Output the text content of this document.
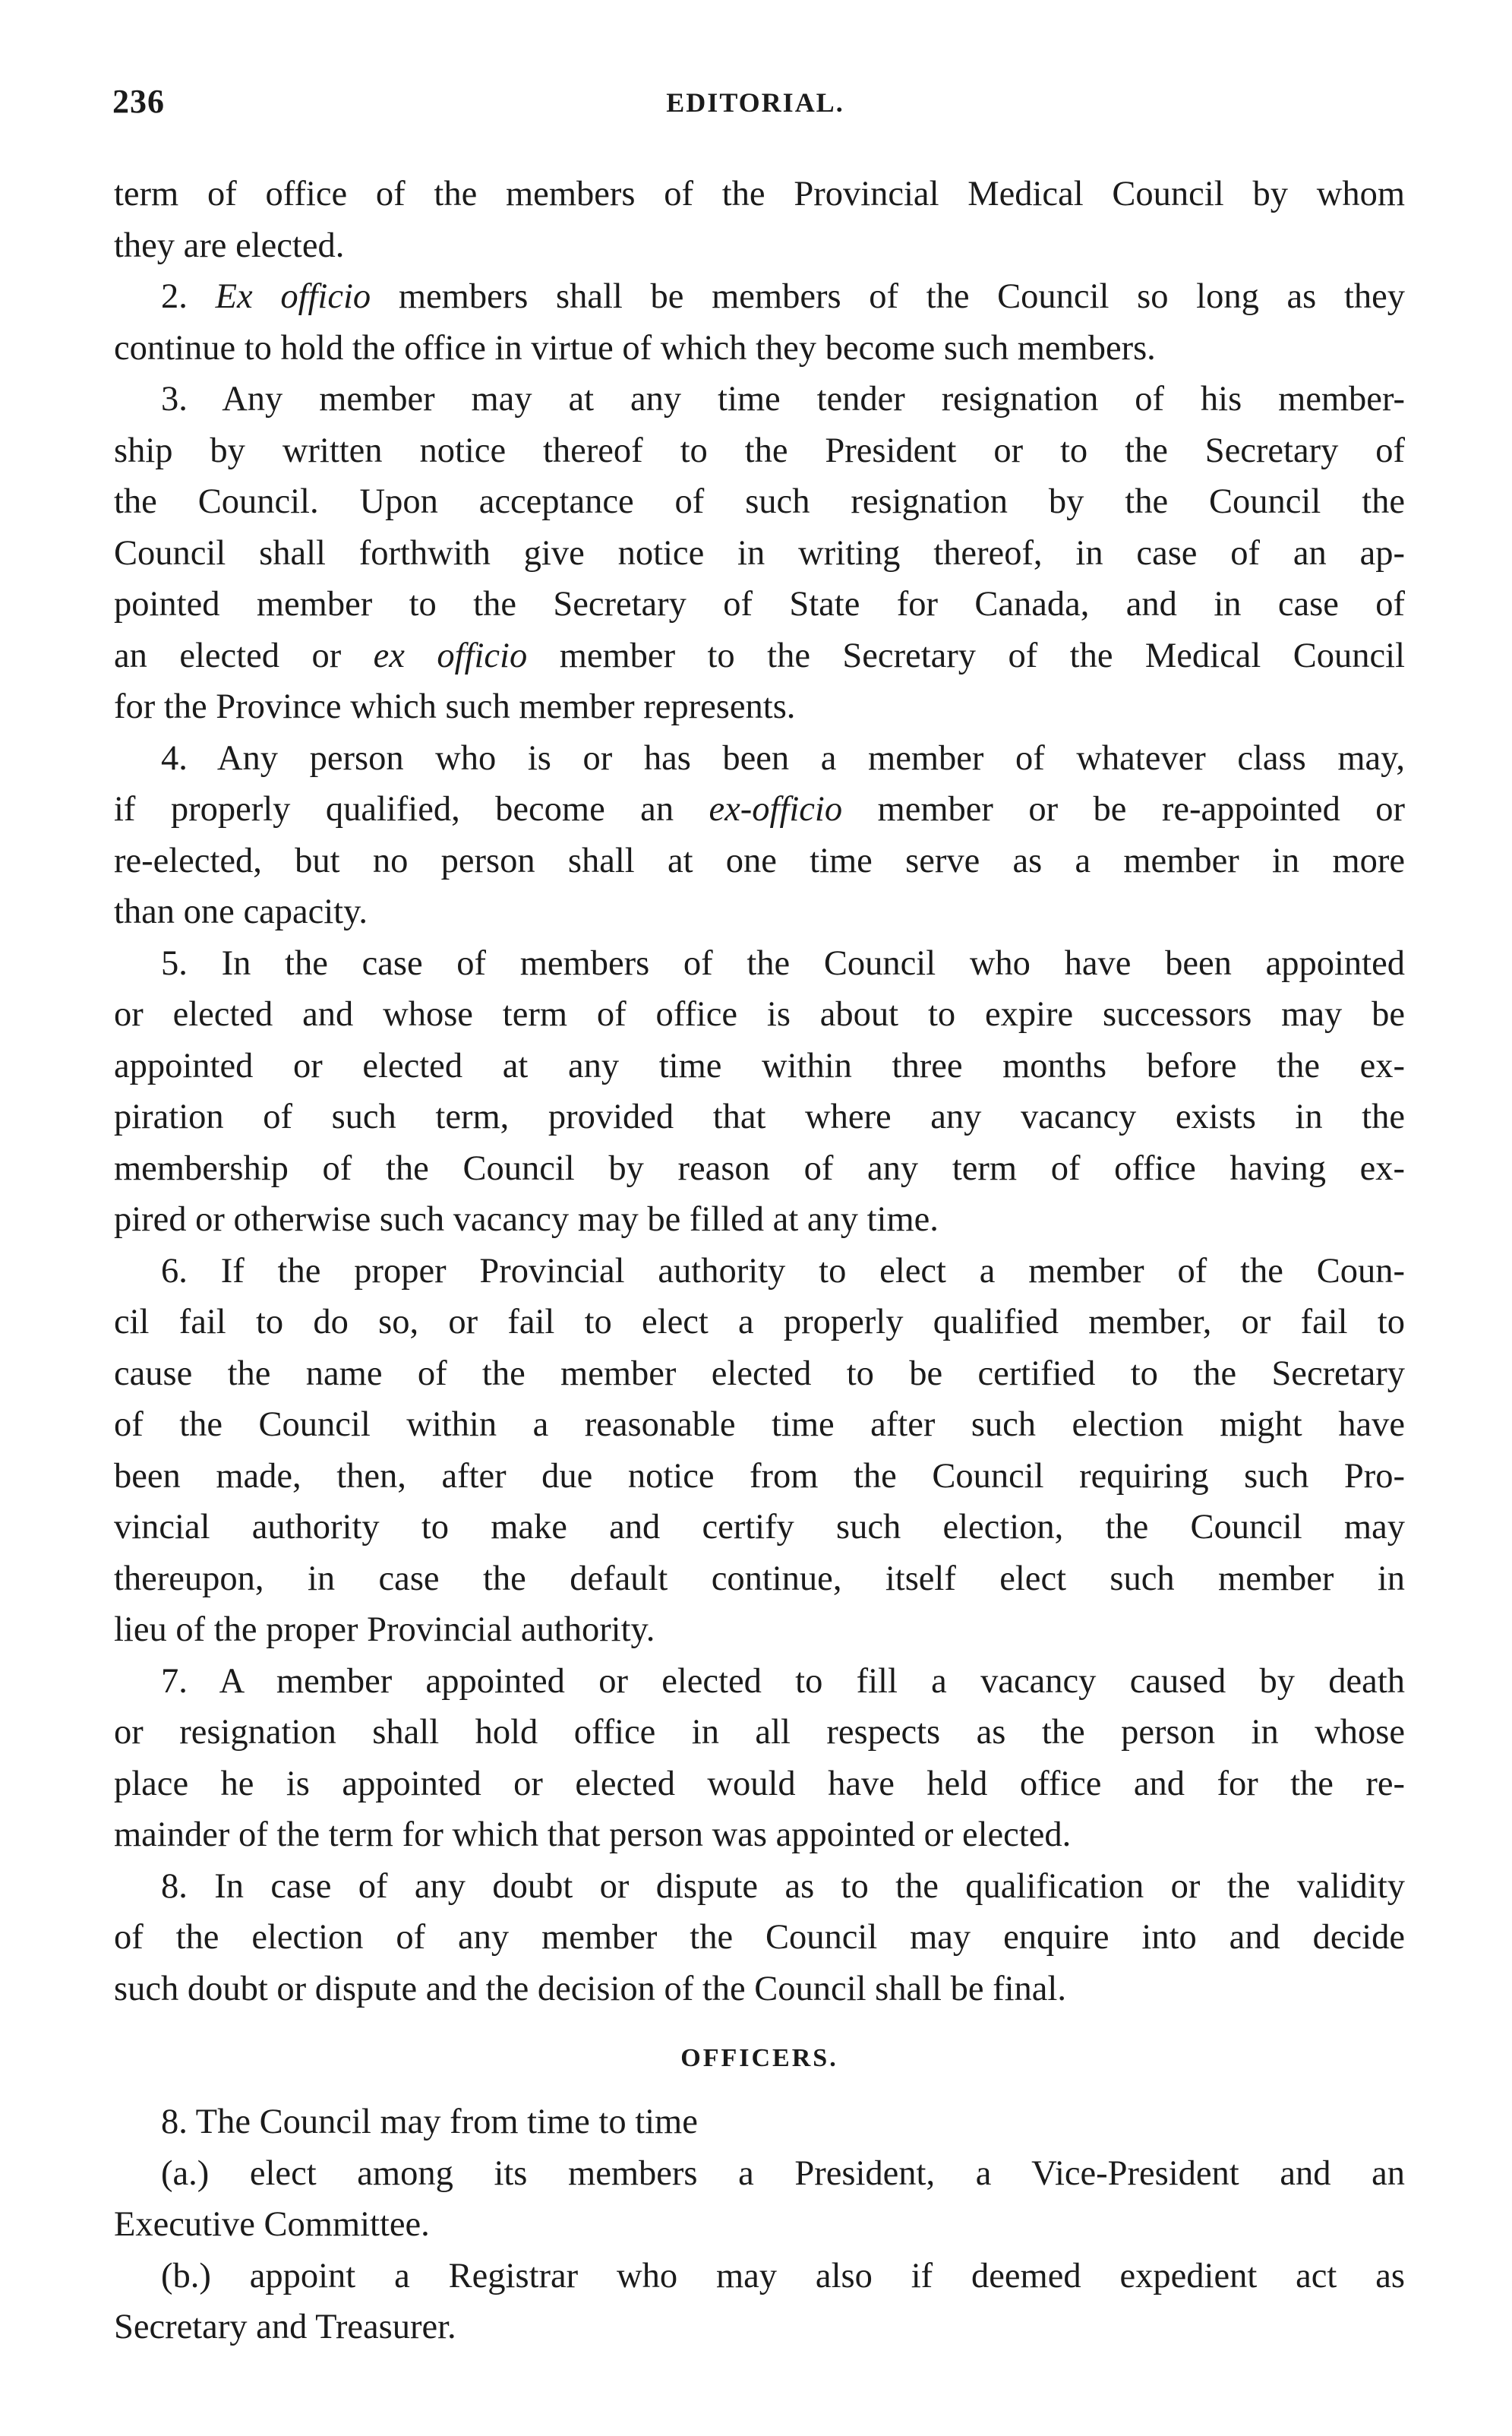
236	EDITORIAL.

term of office of the members of the Provincial Medical Council by whom
they are elected.

2. Ex officio members shall be members of the Council so long as they
continue to hold the office in virtue of which they become such members.

3. Any member may at any time tender resignation of his member-
ship by written notice thereof to the President or to the Secretary of
the Council. Upon acceptance of such resignation by the Council the
Council shall forthwith give notice in writing thereof, in case of an ap-
pointed member to the Secretary of State for Canada, and in case of
an elected or ex officio member to the Secretary of the Medical Council
for the Province which such member represents.

4. Any person who is or has been a member of whatever class may,
if properly qualified, become an ex-officio member or be re-appointed or
re-elected, but no person shall at one time serve as a member in more
than one capacity.

5. In the case of members of the Council who have been appointed
or elected and whose term of office is about to expire successors may be
appointed or elected at any time within three months before the ex-
piration of such term, provided that where any vacancy exists in the
membership of the Council by reason of any term of office having ex-
pired or otherwise such vacancy may be filled at any time.

6. If the proper Provincial authority to elect a member of the Coun-
cil fail to do so, or fail to elect a properly qualified member, or fail to
cause the name of the member elected to be certified to the Secretary
of the Council within a reasonable time after such election might have
been made, then, after due notice from the Council requiring such Pro-
vincial authority to make and certify such election, the Council may
thereupon, in case the default continue, itself elect such member in
lieu of the proper Provincial authority.

7. A member appointed or elected to fill a vacancy caused by death
or resignation shall hold office in all respects as the person in whose
place he is appointed or elected would have held office and for the re-
mainder of the term for which that person was appointed or elected.

8. In case of any doubt or dispute as to the qualification or the validity
of the election of any member the Council may enquire into and decide
such doubt or dispute and the decision of the Council shall be final.

OFFICERS.

8. The Council may from time to time

(a.) elect among its members a President, a Vice-President and an
Executive Committee.

(b.) appoint a Registrar who may also if deemed expedient act as
Secretary and Treasurer.
